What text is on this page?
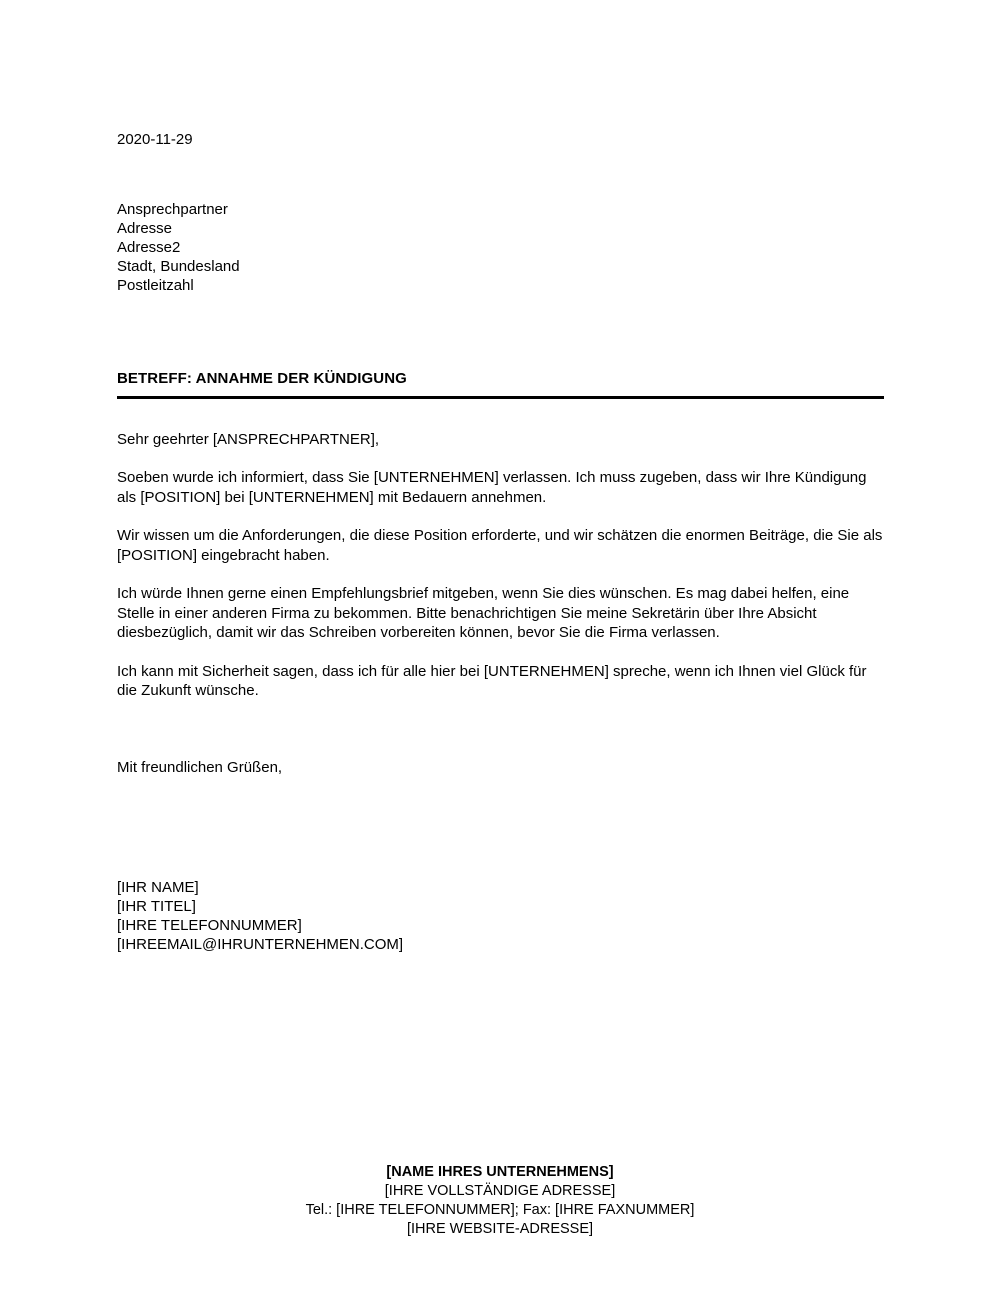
2020-11-29
Ansprechpartner
Adresse
Adresse2
Stadt, Bundesland
Postleitzahl
BETREFF: ANNAHME DER KÜNDIGUNG
Sehr geehrter [ANSPRECHPARTNER],
Soeben wurde ich informiert, dass Sie [UNTERNEHMEN] verlassen. Ich muss zugeben, dass wir Ihre Kündigung als [POSITION] bei [UNTERNEHMEN] mit Bedauern annehmen.
Wir wissen um die Anforderungen, die diese Position erforderte, und wir schätzen die enormen Beiträge, die Sie als [POSITION] eingebracht haben.
Ich würde Ihnen gerne einen Empfehlungsbrief mitgeben, wenn Sie dies wünschen. Es mag dabei helfen, eine Stelle in einer anderen Firma zu bekommen. Bitte benachrichtigen Sie meine Sekretärin über Ihre Absicht diesbezüglich, damit wir das Schreiben vorbereiten können, bevor Sie die Firma verlassen.
Ich kann mit Sicherheit sagen, dass ich für alle hier bei [UNTERNEHMEN] spreche, wenn ich Ihnen viel Glück für die Zukunft wünsche.
Mit freundlichen Grüßen,
[IHR NAME]
[IHR TITEL]
[IHRE TELEFONNUMMER]
[IHREEMAIL@IHRUNTERNEHMEN.COM]
[NAME IHRES UNTERNEHMENS]
[IHRE VOLLSTÄNDIGE ADRESSE]
Tel.: [IHRE TELEFONNUMMER]; Fax: [IHRE FAXNUMMER]
[IHRE WEBSITE-ADRESSE]
